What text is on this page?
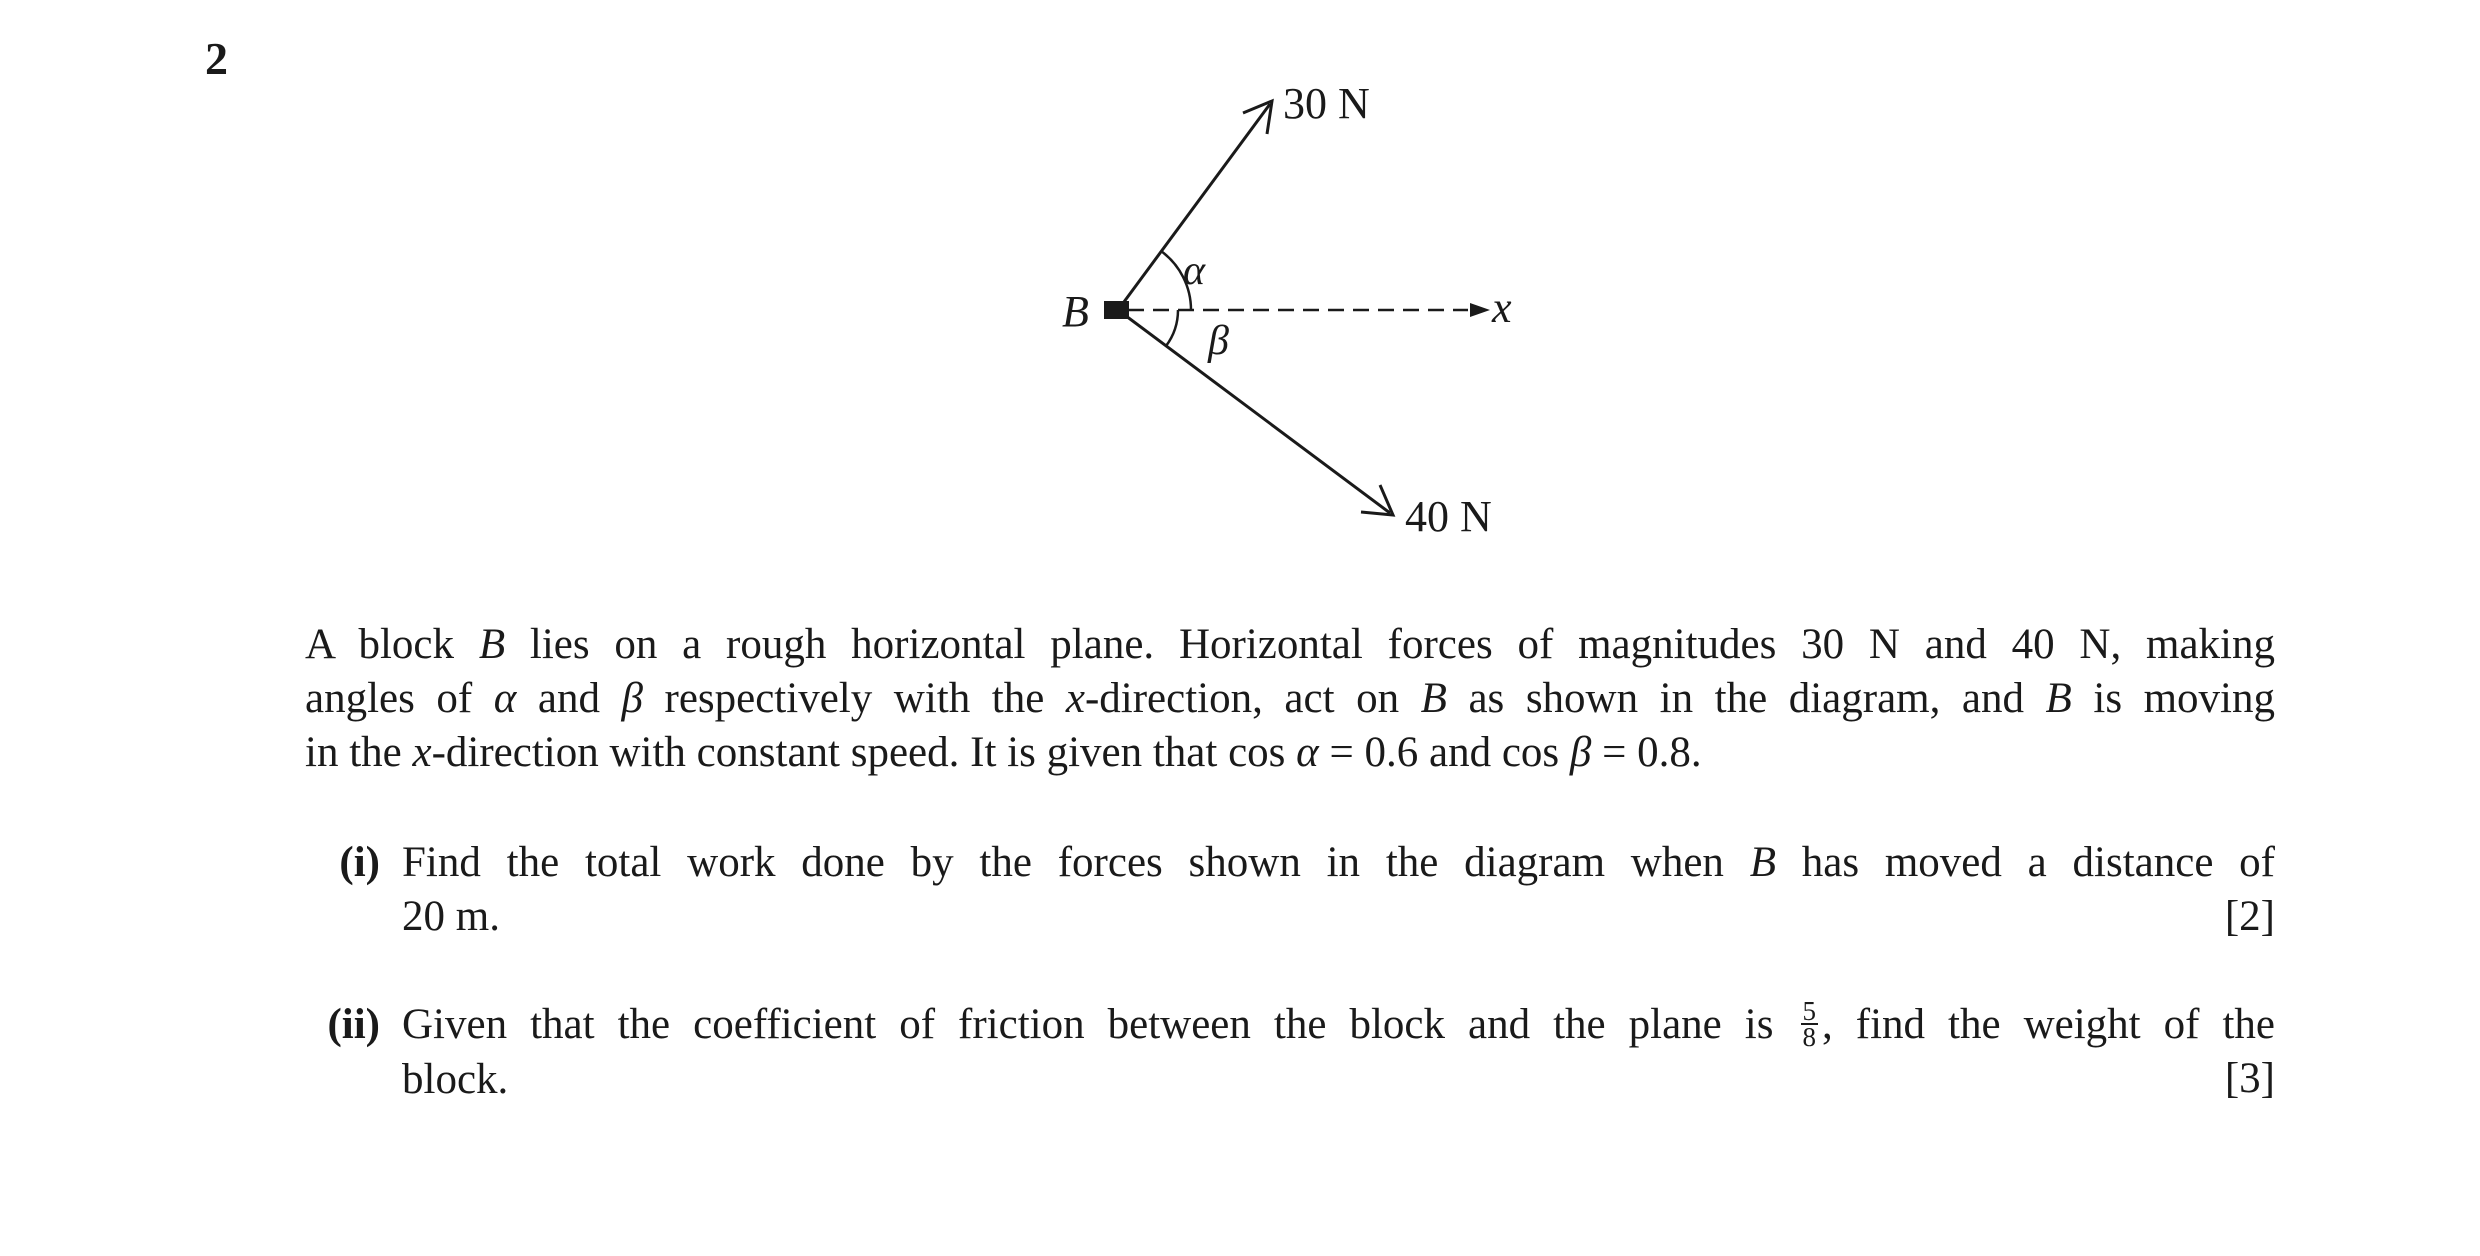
2
B
30 N
40 N
α
β
x
A block B lies on a rough horizontal plane. Horizontal forces of magnitudes 30 N and 40 N, making
angles of α and β respectively with the x-direction, act on B as shown in the diagram, and B is moving
in the x-direction with constant speed. It is given that cos α = 0.6 and cos β = 0.8.
(i) Find the total work done by the forces shown in the diagram when B has moved a distance of
20 m.	[2]
(ii) Given that the coefficient of friction between the block and the plane is $\frac{5}{8}$ , find the weight of the
block.	[3]
